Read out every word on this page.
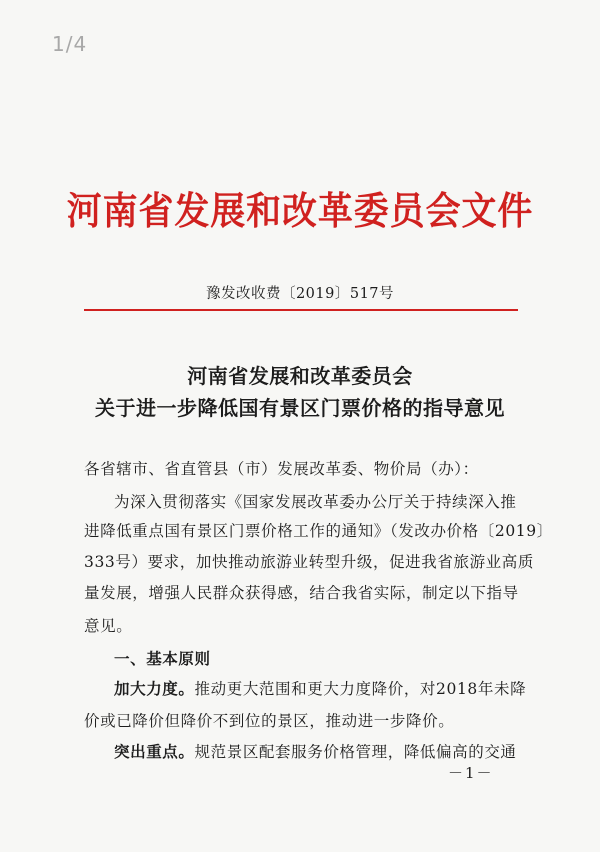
1/4
河南省发展和改革委员会文件
豫发改收费〔2019〕517号
河南省发展和改革委员会
关于进一步降低国有景区门票价格的指导意见
各省辖市、省直管县（市）发展改革委、物价局（办）：
为深入贯彻落实《国家发展改革委办公厅关于持续深入推
进降低重点国有景区门票价格工作的通知》（发改办价格〔2019〕
333号）要求，加快推动旅游业转型升级，促进我省旅游业高质
量发展，增强人民群众获得感，结合我省实际，制定以下指导
意见。
一、基本原则
加大力度。推动更大范围和更大力度降价，对2018年未降
价或已降价但降价不到位的景区，推动进一步降价。
突出重点。规范景区配套服务价格管理，降低偏高的交通
－1－
